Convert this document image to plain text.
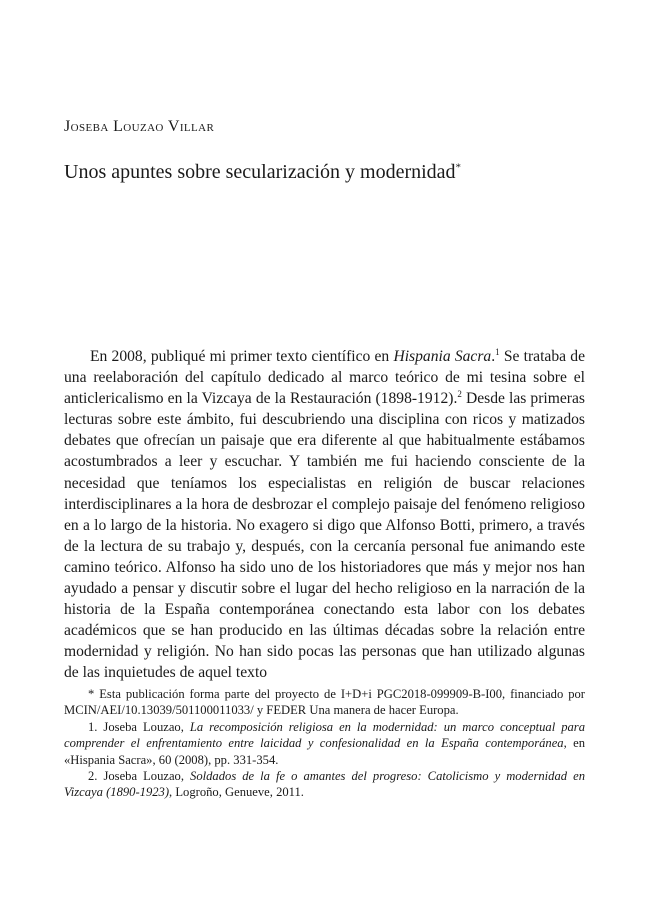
Joseba Louzao Villar
Unos apuntes sobre secularización y modernidad*

En 2008, publiqué mi primer texto científico en Hispania Sacra.$^1$ Se trataba de una reelaboración del capítulo dedicado al marco teórico de mi tesina sobre el anticlericalismo en la Vizcaya de la Restauración (1898-1912).$^2$ Desde las primeras lecturas sobre este ámbito, fui descubriendo una disciplina con ricos y matizados debates que ofrecían un paisaje que era diferente al que habitualmente estábamos acostumbrados a leer y escuchar. Y también me fui haciendo consciente de la necesidad que teníamos los especialistas en religión de buscar relaciones interdisciplinares a la hora de desbrozar el complejo paisaje del fenómeno religioso en a lo largo de la historia. No exagero si digo que Alfonso Botti, primero, a través de la lectura de su trabajo y, después, con la cercanía personal fue animando este camino teórico. Alfonso ha sido uno de los historiadores que más y mejor nos han ayudado a pensar y discutir sobre el lugar del hecho religioso en la narración de la historia de la España contemporánea conectando esta labor con los debates académicos que se han producido en las últimas décadas sobre la relación entre modernidad y religión. No han sido pocas las personas que han utilizado algunas de las inquietudes de aquel texto

* Esta publicación forma parte del proyecto de I+D+i PGC2018-099909-B-I00, financiado por MCIN/AEI/10.13039/501100011033/ y FEDER Una manera de hacer Europa.

1. Joseba Louzao, La recomposición religiosa en la modernidad: un marco conceptual para comprender el enfrentamiento entre laicidad y confesionalidad en la España contemporánea, en «Hispania Sacra», 60 (2008), pp. 331-354.

2. Joseba Louzao, Soldados de la fe o amantes del progreso: Catolicismo y modernidad en Vizcaya (1890-1923), Logroño, Genueve, 2011.
